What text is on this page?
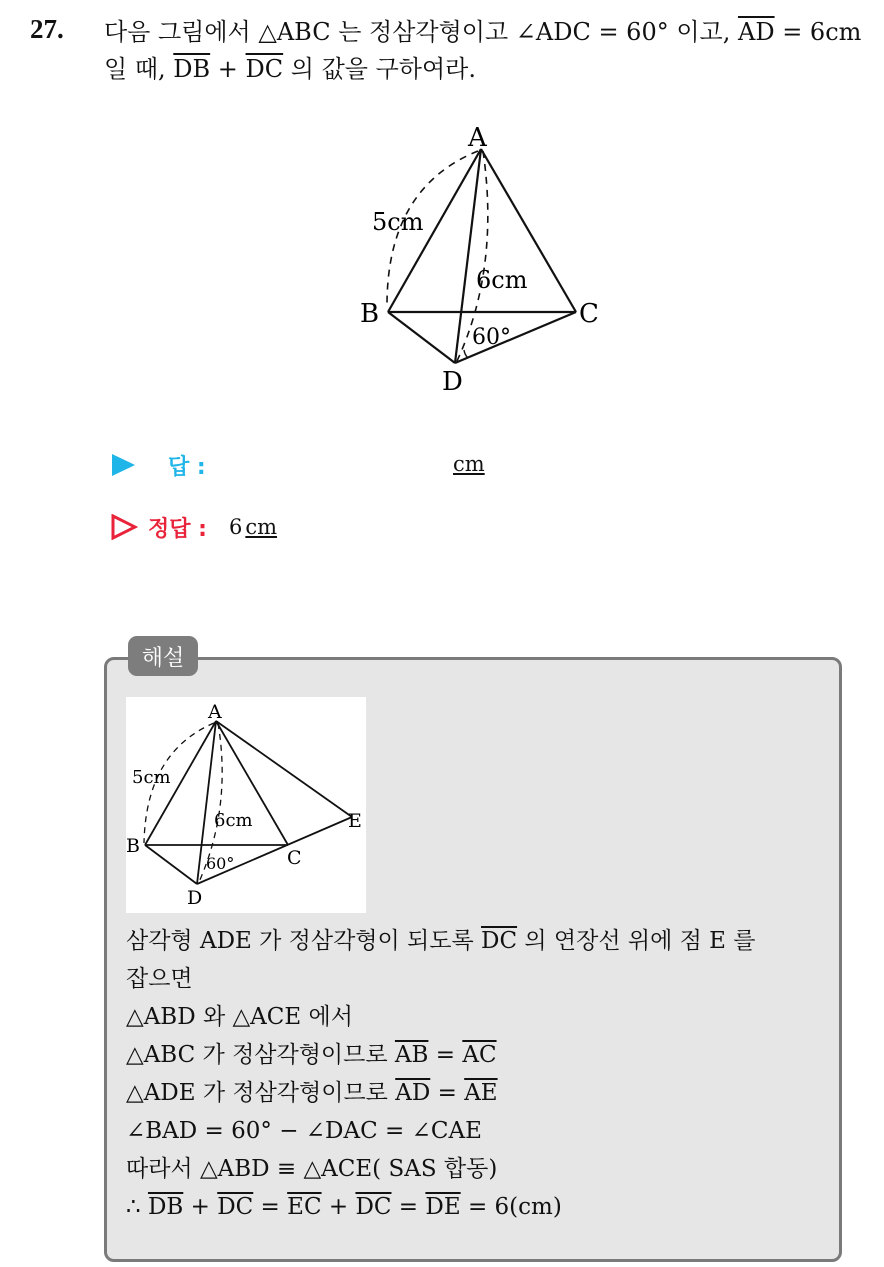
27. 다음 그림에서 △ABC 는 정삼각형이고 ∠ADC = 60° 이고, $\overline{AD} = 6cm$
일 때, $\overline{DB} + \overline{DC}$ 의 값을 구하여라.
A
B	C
D
5cm
6cm
60°
답 :	cm
정답 : 6 cm
해설
A
B
C
D
E
5cm
6cm
60°
삼각형 ADE 가 정삼각형이 되도록 $\overline{DC}$ 의 연장선 위에 점 E 를
잡으면
△ABD 와 △ACE 에서
△ABC 가 정삼각형이므로 $\overline{AB} = \overline{AC}$
△ADE 가 정삼각형이므로 $\overline{AD} = \overline{AE}$
∠BAD = 60° − ∠DAC = ∠CAE
따라서 △ABD ≡ △ACE( SAS 합동)
∴ $\overline{DB} + \overline{DC} = \overline{EC} + \overline{DC} = \overline{DE} = 6(cm)$
